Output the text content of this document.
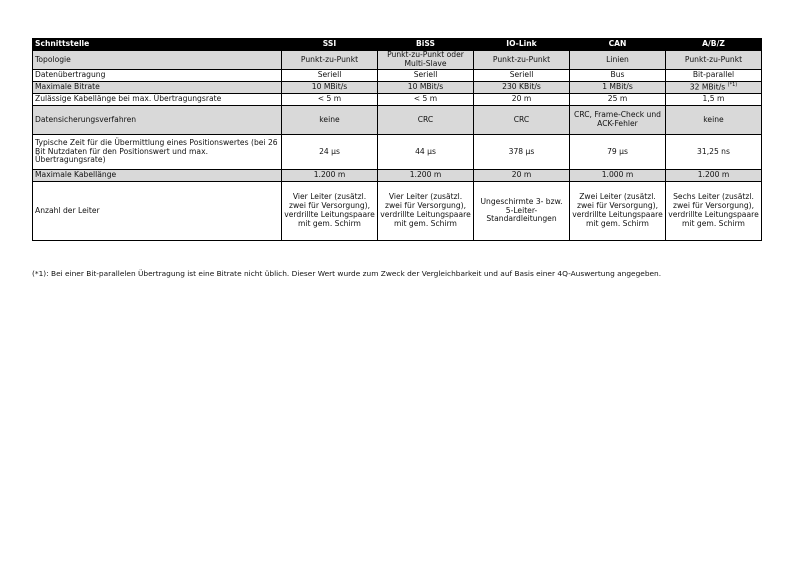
Schnittstelle	SSI	BiSS	IO-Link	CAN	A/B/Z
Topologie	Punkt-zu-Punkt	Punkt-zu-Punkt oder Multi-Slave	Punkt-zu-Punkt	Linien	Punkt-zu-Punkt
Datenübertragung	Seriell	Seriell	Seriell	Bus	Bit-parallel
Maximale Bitrate	10 MBit/s	10 MBit/s	230 KBit/s	1 MBit/s	32 MBit/s $^{(*1)}$
Zulässige Kabellänge bei max. Übertragungsrate	< 5 m	< 5 m	20 m	25 m	1,5 m
Datensicherungsverfahren	keine	CRC	CRC	CRC, Frame-Check und ACK-Fehler	keine
Typische Zeit für die Übermittlung eines Positionswertes (bei 26 Bit Nutzdaten für den Positionswert und max. Übertragungsrate)	24 µs	44 µs	378 µs	79 µs	31,25 ns
Maximale Kabellänge	1.200 m	1.200 m	20 m	1.000 m	1.200 m
Anzahl der Leiter	Vier Leiter (zusätzl. zwei für Versorgung), verdrillte Leitungspaare mit gem. Schirm	Vier Leiter (zusätzl. zwei für Versorgung), verdrillte Leitungspaare mit gem. Schirm	Ungeschirmte 3- bzw. 5-Leiter-Standardleitungen	Zwei Leiter (zusätzl. zwei für Versorgung), verdrillte Leitungspaare mit gem. Schirm	Sechs Leiter (zusätzl. zwei für Versorgung), verdrillte Leitungspaare mit gem. Schirm
(*1): Bei einer Bit-parallelen Übertragung ist eine Bitrate nicht üblich. Dieser Wert wurde zum Zweck der Vergleichbarkeit und auf Basis einer 4Q-Auswertung angegeben.
